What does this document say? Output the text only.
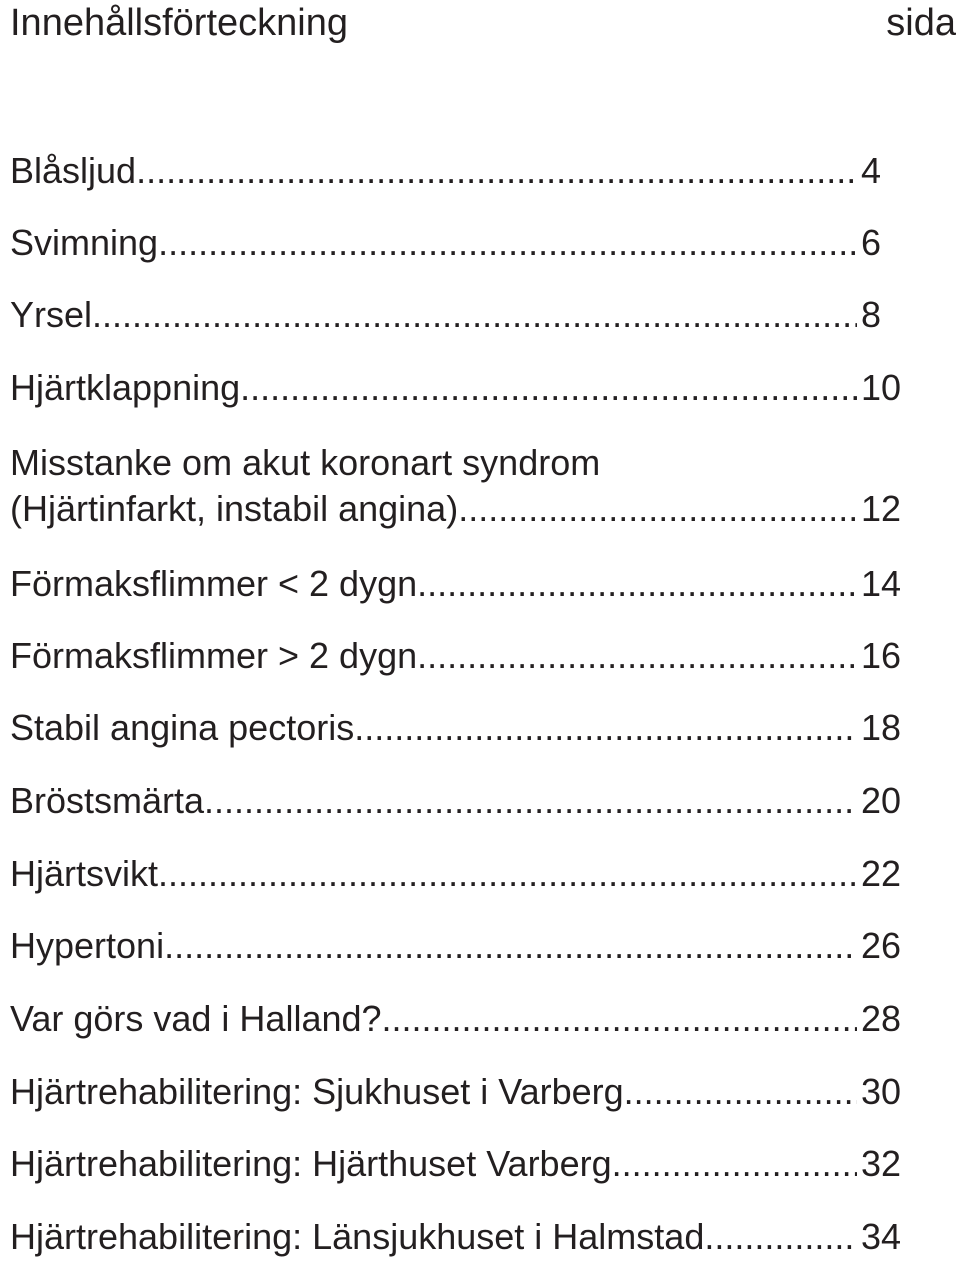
Innehållsförteckning	sida
Blåsljud .....	4
Svimning .....	6
Yrsel .....	8
Hjärtklappning .....	10
Misstanke om akut koronart syndrom
(Hjärtinfarkt, instabil angina) .....	12
Förmaksflimmer < 2 dygn .....	14
Förmaksflimmer > 2 dygn .....	16
Stabil angina pectoris .....	18
Bröstsmärta .....	20
Hjärtsvikt .....	22
Hypertoni .....	26
Var görs vad i Halland? .....	28
Hjärtrehabilitering: Sjukhuset i Varberg .....	30
Hjärtrehabilitering: Hjärthuset Varberg .....	32
Hjärtrehabilitering: Länsjukhuset i Halmstad .....	34
